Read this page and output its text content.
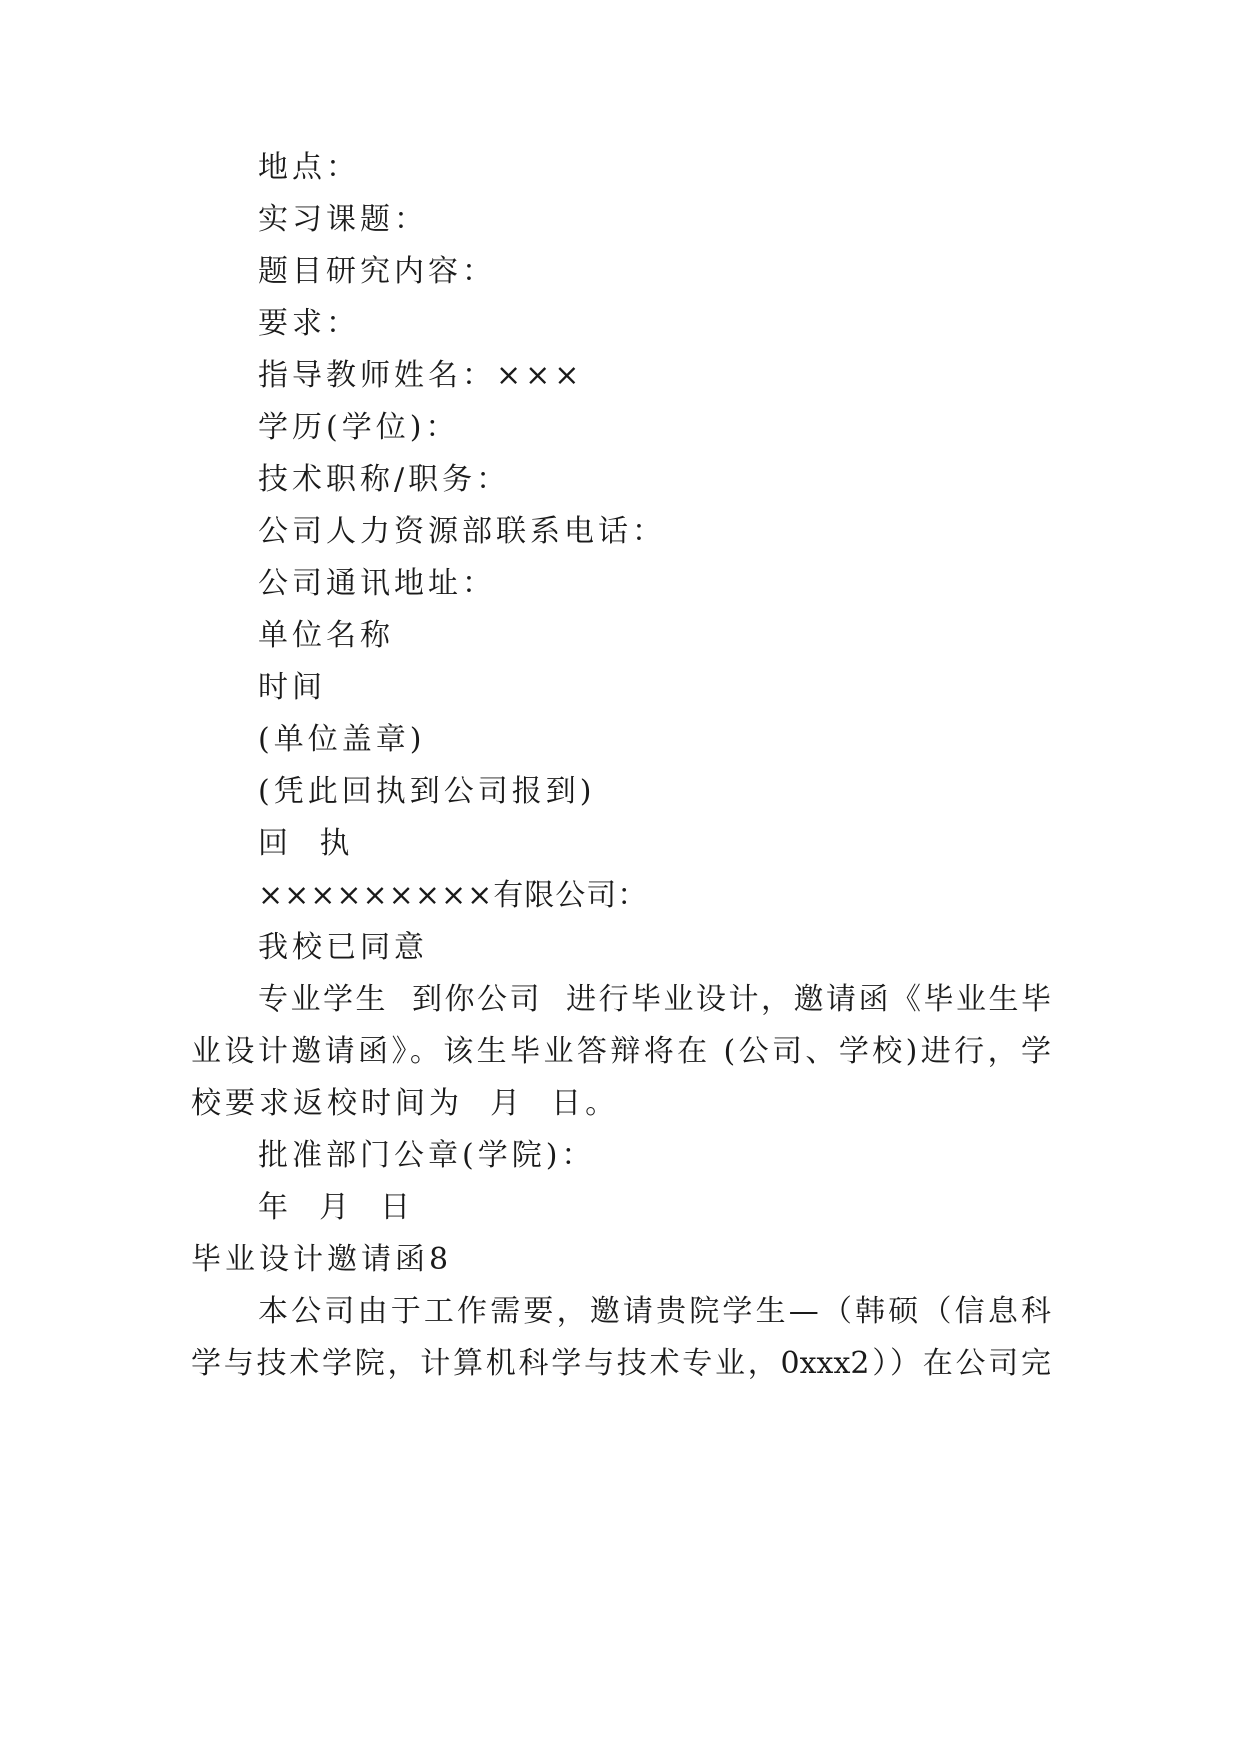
地点：
实习课题：
题目研究内容：
要求：
指导教师姓名：×××
学历(学位)：
技术职称/职务：
公司人力资源部联系电话：
公司通讯地址：
单位名称
时间
(单位盖章)
(凭此回执到公司报到)
回 执
×××××××××有限公司：
我校已同意
专业学生  到你公司  进行毕业设计，邀请函《毕业生毕
业设计邀请函》。该生毕业答辩将在 (公司、学校)进行，学
校要求返校时间为  月  日。
批准部门公章(学院)：
年  月  日
毕业设计邀请函8
本公司由于工作需要，邀请贵院学生—（韩硕（信息科
学与技术学院，计算机科学与技术专业，0xxx2））在公司完
